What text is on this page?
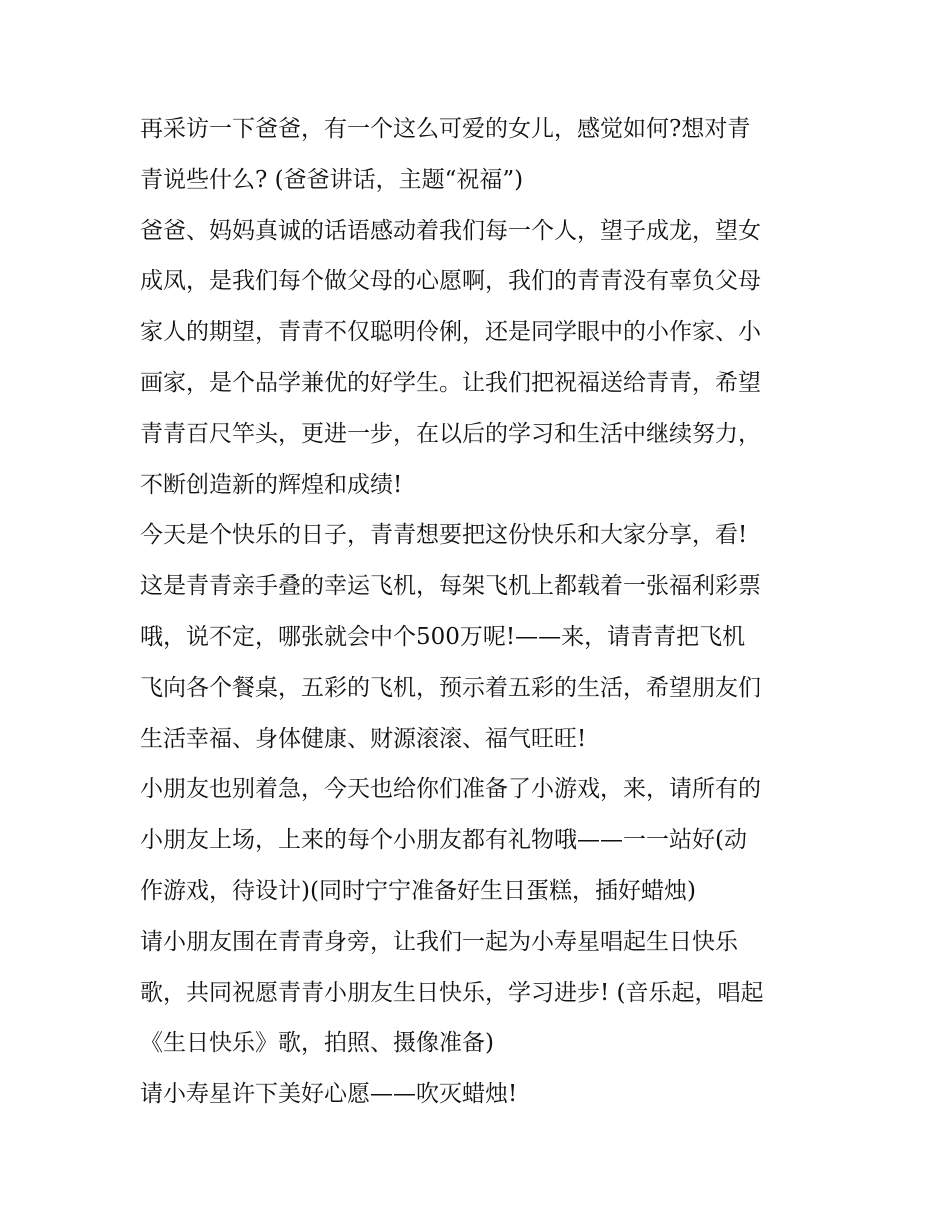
再采访一下爸爸，有一个这么可爱的女儿，感觉如何?想对青
青说些什么? (爸爸讲话，主题“祝福”)
爸爸、妈妈真诚的话语感动着我们每一个人，望子成龙，望女
成凤，是我们每个做父母的心愿啊，我们的青青没有辜负父母
家人的期望，青青不仅聪明伶俐，还是同学眼中的小作家、小
画家，是个品学兼优的好学生。让我们把祝福送给青青，希望
青青百尺竿头，更进一步，在以后的学习和生活中继续努力，
不断创造新的辉煌和成绩!
今天是个快乐的日子，青青想要把这份快乐和大家分享，看!
这是青青亲手叠的幸运飞机，每架飞机上都载着一张福利彩票
哦，说不定，哪张就会中个500万呢!——来，请青青把飞机
飞向各个餐桌，五彩的飞机，预示着五彩的生活，希望朋友们
生活幸福、身体健康、财源滚滚、福气旺旺!
小朋友也别着急，今天也给你们准备了小游戏，来，请所有的
小朋友上场，上来的每个小朋友都有礼物哦——一一站好(动
作游戏，待设计)(同时宁宁准备好生日蛋糕，插好蜡烛)
请小朋友围在青青身旁，让我们一起为小寿星唱起生日快乐
歌，共同祝愿青青小朋友生日快乐，学习进步! (音乐起，唱起
《生日快乐》歌，拍照、摄像准备)
请小寿星许下美好心愿——吹灭蜡烛!
